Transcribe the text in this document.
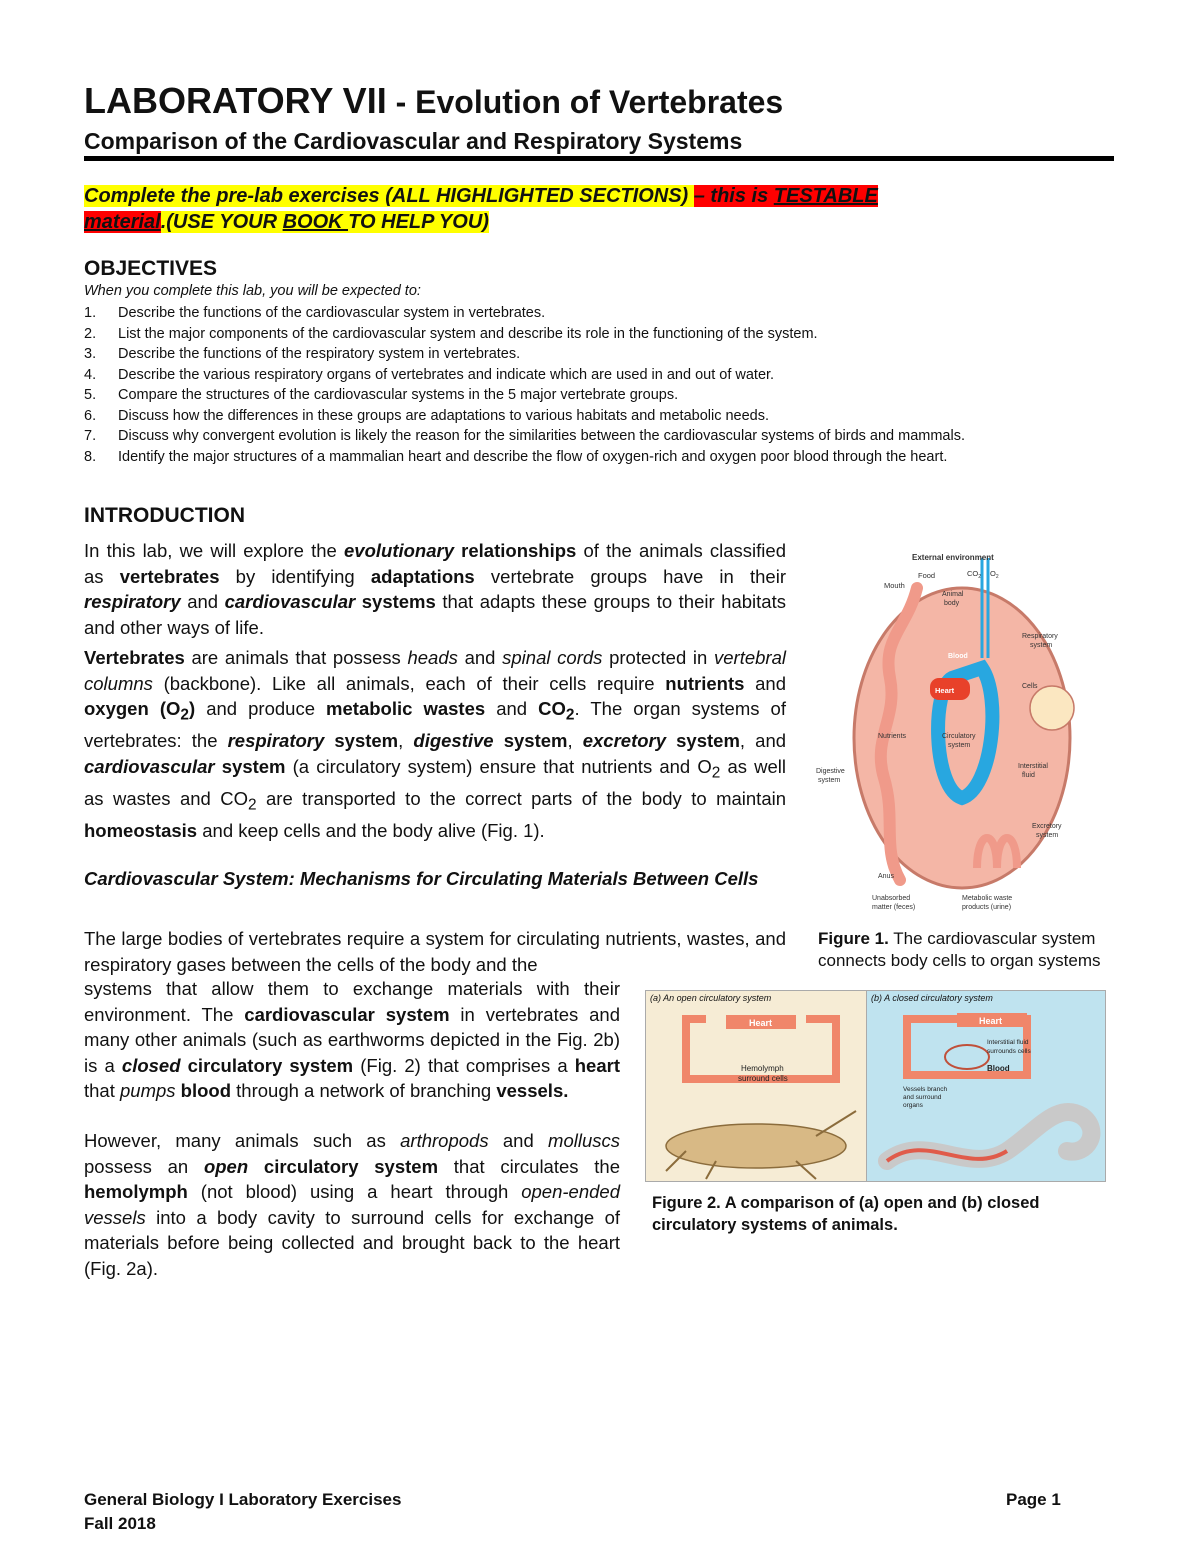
LABORATORY VII - Evolution of Vertebrates
Comparison of the Cardiovascular and Respiratory Systems
Complete the pre-lab exercises (ALL HIGHLIGHTED SECTIONS) – this is TESTABLE
material.(USE YOUR BOOK TO HELP YOU)
OBJECTIVES
When you complete this lab, you will be expected to:
1. Describe the functions of the cardiovascular system in vertebrates.
2. List the major components of the cardiovascular system and describe its role in the functioning of the system.
3. Describe the functions of the respiratory system in vertebrates.
4. Describe the various respiratory organs of vertebrates and indicate which are used in and out of water.
5. Compare the structures of the cardiovascular systems in the 5 major vertebrate groups.
6. Discuss how the differences in these groups are adaptations to various habitats and metabolic needs.
7. Discuss why convergent evolution is likely the reason for the similarities between the cardiovascular systems of birds and mammals.
8. Identify the major structures of a mammalian heart and describe the flow of oxygen-rich and oxygen poor blood through the heart.
INTRODUCTION

In this lab, we will explore the evolutionary relationships of the animals classified as vertebrates by identifying adaptations vertebrate groups have in their respiratory and cardiovascular systems that adapts these groups to their habitats and other ways of life.

Vertebrates are animals that possess heads and spinal cords protected in vertebral columns (backbone). Like all animals, each of their cells require nutrients and oxygen $(O_2)$ and produce metabolic wastes and $CO_2$. The organ systems of vertebrates: the respiratory system, digestive system, excretory system, and cardiovascular system (a circulatory system) ensure that nutrients and $O_2$ as well as wastes and $CO_2$ are transported to the correct parts of the body to maintain homeostasis and keep cells and the body alive (Fig. 1).

External environment
Food	$CO_2$ $O_2$
Mouth
Animal
body
Blood
Heart
Respiratory
system
Cells
Nutrients	Circulatory
system
Digestive
system
Interstitial
fluid
Excretory
system
Anus
Unabsorbed
matter (feces)
Metabolic waste
products (urine)
Figure 1. The cardiovascular system connects body cells to organ systems
Cardiovascular System: Mechanisms for Circulating Materials Between Cells

The large bodies of vertebrates require a system for circulating nutrients, wastes, and respiratory gases between the cells of the body and the

systems that allow them to exchange materials with their environment. The cardiovascular system in vertebrates and many other animals (such as earthworms depicted in the Fig. 2b) is a closed circulatory system (Fig. 2) that comprises a heart that pumps blood through a network of branching vessels.

However, many animals such as arthropods and molluscs possess an open circulatory system that circulates the hemolymph (not blood) using a heart through open-ended vessels into a body cavity to surround cells for exchange of materials before being collected and brought back to the heart (Fig. 2a).

(a) An open circulatory system
Heart
Hemolymph
surround cells
(b) A closed circulatory system
Heart
Interstitial fluid
surrounds cells
Blood
Vessels branch
and surround
organs
Figure 2. A comparison of (a) open and (b) closed circulatory systems of animals.
General Biology I Laboratory Exercises
Fall 2018
Page 1
